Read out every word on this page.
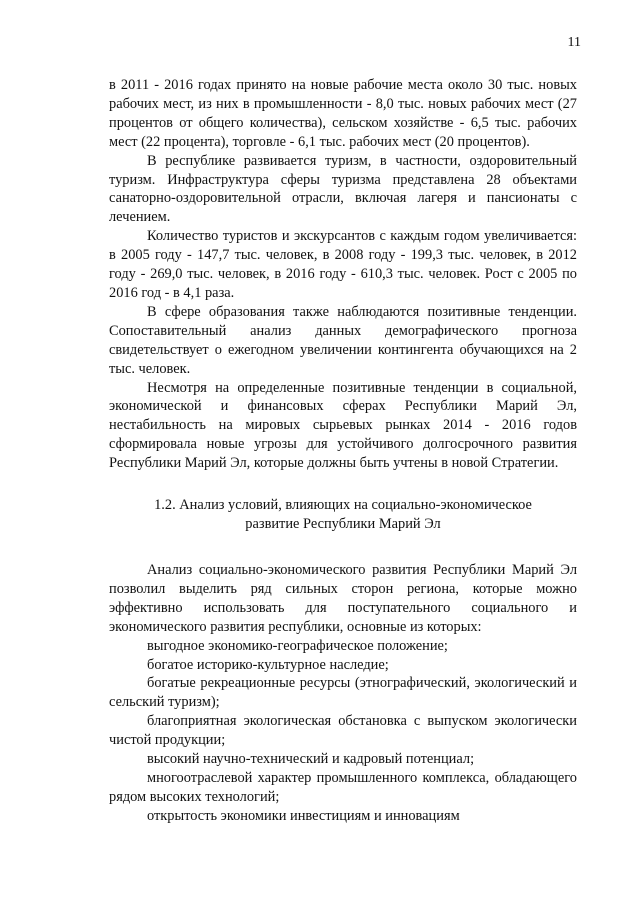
11

в 2011 - 2016 годах принято на новые рабочие места около 30 тыс. новых рабочих мест, из них в промышленности - 8,0 тыс. новых рабочих мест (27 процентов от общего количества), сельском хозяйстве - 6,5 тыс. рабочих мест (22 процента), торговле - 6,1 тыс. рабочих мест (20 процентов).

В республике развивается туризм, в частности, оздоровительный туризм. Инфраструктура сферы туризма представлена 28 объектами санаторно-оздоровительной отрасли, включая лагеря и пансионаты с лечением.

Количество туристов и экскурсантов с каждым годом увеличивается: в 2005 году - 147,7 тыс. человек, в 2008 году - 199,3 тыс. человек, в 2012 году - 269,0 тыс. человек, в 2016 году - 610,3 тыс. человек. Рост с 2005 по 2016 год - в 4,1 раза.

В сфере образования также наблюдаются позитивные тенденции. Сопоставительный анализ данных демографического прогноза свидетельствует о ежегодном увеличении контингента обучающихся на 2 тыс. человек.

Несмотря на определенные позитивные тенденции в социальной, экономической и финансовых сферах Республики Марий Эл, нестабильность на мировых сырьевых рынках 2014 - 2016 годов сформировала новые угрозы для устойчивого долгосрочного развития Республики Марий Эл, которые должны быть учтены в новой Стратегии.

1.2. Анализ условий, влияющих на социально-экономическое
развитие Республики Марий Эл

Анализ социально-экономического развития Республики Марий Эл позволил выделить ряд сильных сторон региона, которые можно эффективно использовать для поступательного социального и экономического развития республики, основные из которых:

выгодное экономико-географическое положение;

богатое историко-культурное наследие;

богатые рекреационные ресурсы (этнографический, экологический и сельский туризм);

благоприятная экологическая обстановка с выпуском экологически чистой продукции;

высокий научно-технический и кадровый потенциал;

многоотраслевой характер промышленного комплекса, обладающего рядом высоких технологий;

открытость экономики инвестициям и инновациям
